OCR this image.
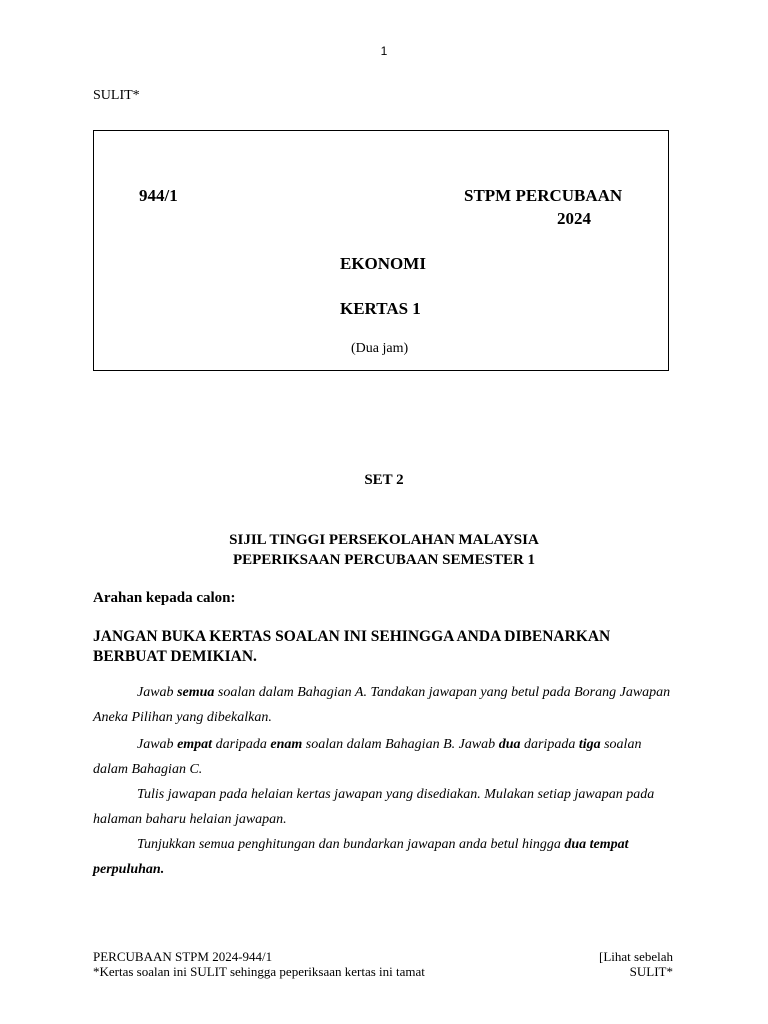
1
SULIT*
944/1	STPM PERCUBAAN
2024
EKONOMI
KERTAS 1
(Dua jam)
SET 2
SIJIL TINGGI PERSEKOLAHAN MALAYSIA
PEPERIKSAAN PERCUBAAN SEMESTER 1
Arahan kepada calon:
JANGAN BUKA KERTAS SOALAN INI SEHINGGA ANDA DIBENARKAN BERBUAT DEMIKIAN.

Jawab semua soalan dalam Bahagian A. Tandakan jawapan yang betul pada Borang Jawapan Aneka Pilihan yang dibekalkan.

Jawab empat daripada enam soalan dalam Bahagian B. Jawab dua daripada tiga soalan dalam Bahagian C.

Tulis jawapan pada helaian kertas jawapan yang disediakan. Mulakan setiap jawapan pada halaman baharu helaian jawapan.

Tunjukkan semua penghitungan dan bundarkan jawapan anda betul hingga dua tempat perpuluhan.

PERCUBAAN STPM 2024-944/1
*Kertas soalan ini SULIT sehingga peperiksaan kertas ini tamat
[Lihat sebelah
SULIT*
